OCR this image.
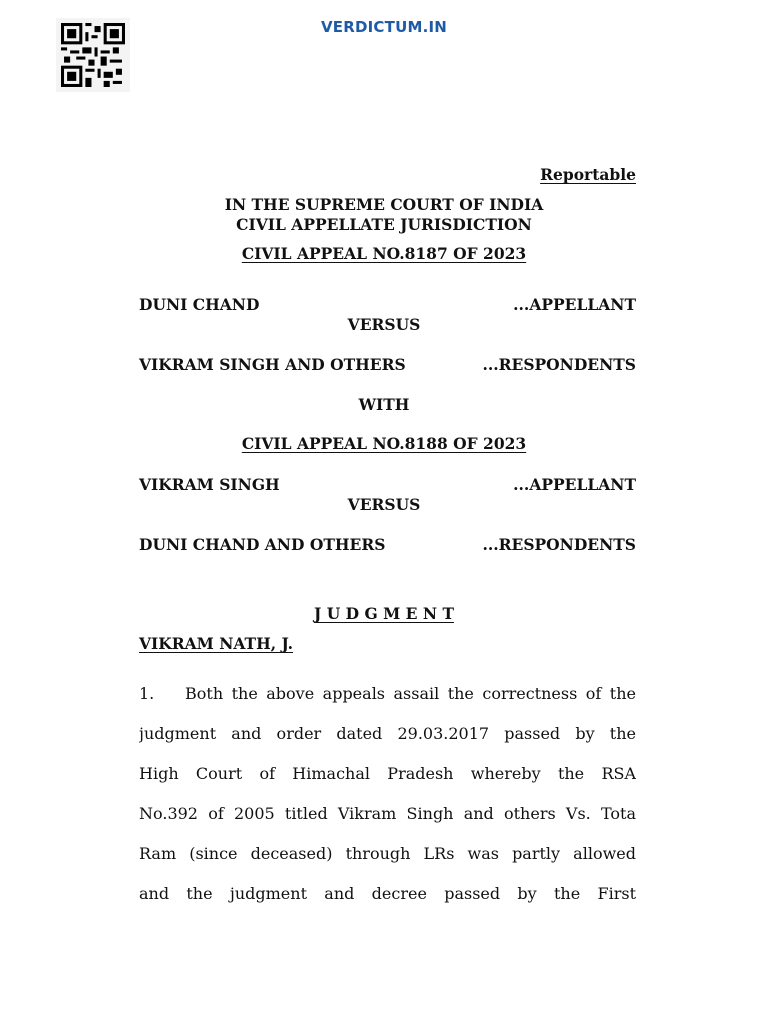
VERDICTUM.IN
Reportable
IN THE SUPREME COURT OF INDIA
CIVIL APPELLATE JURISDICTION
CIVIL APPEAL NO.8187 OF 2023
DUNI CHAND	...APPELLANT
VERSUS
VIKRAM SINGH AND OTHERS	...RESPONDENTS
WITH
CIVIL APPEAL NO.8188 OF 2023
VIKRAM SINGH	...APPELLANT
VERSUS
DUNI CHAND AND OTHERS	...RESPONDENTS
J U D G M E N T
VIKRAM NATH, J.
1. Both the above appeals assail the correctness of the
judgment and order dated 29.03.2017 passed by the
High Court of Himachal Pradesh whereby the RSA
No.392 of 2005 titled Vikram Singh and others Vs. Tota
Ram (since deceased) through LRs was partly allowed
and the judgment and decree passed by the First
